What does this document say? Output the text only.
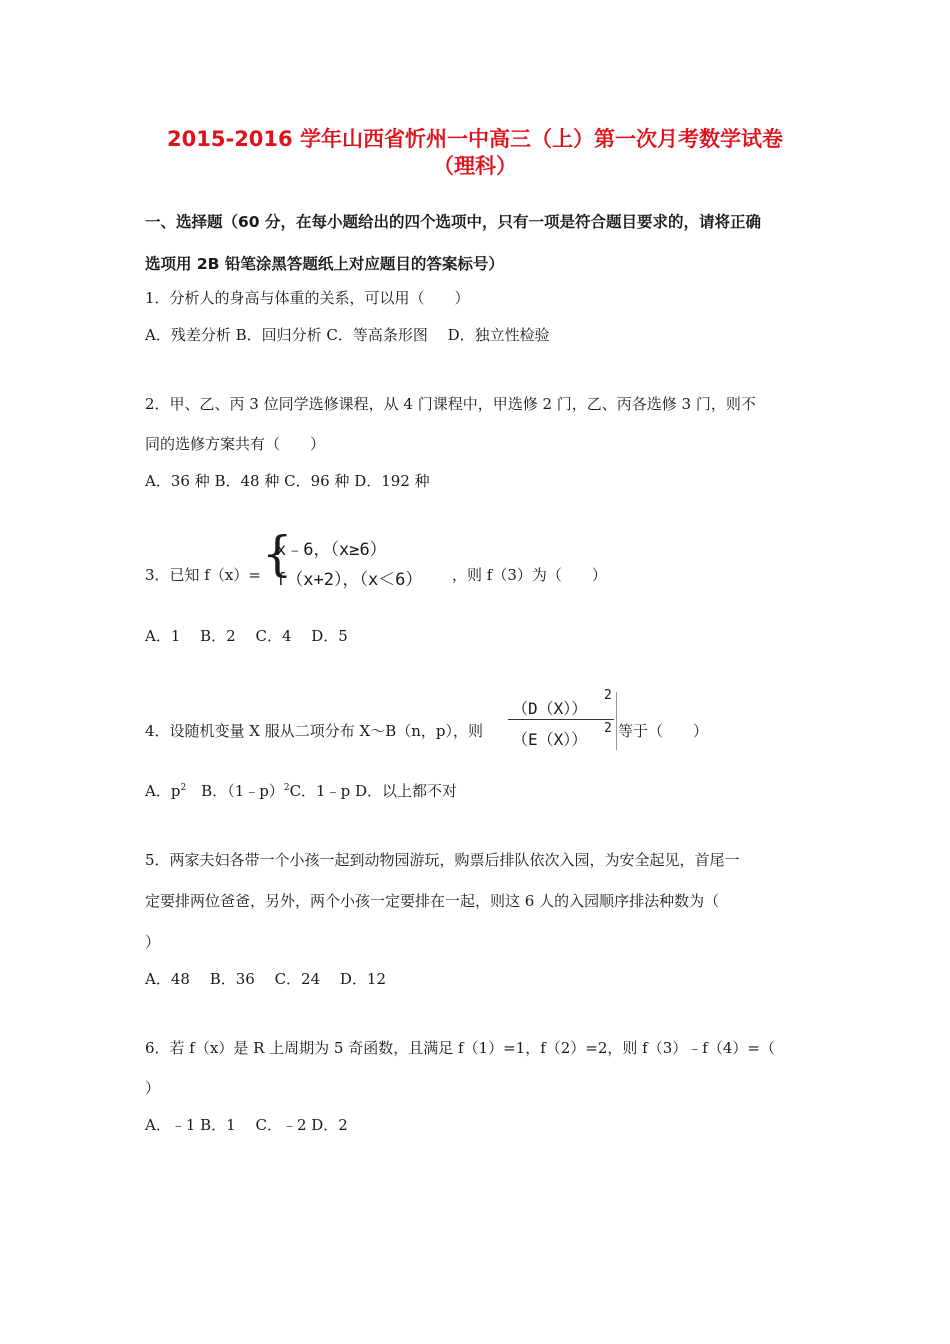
2015-2016 学年山西省忻州一中高三（上）第一次月考数学试卷
（理科）
一、选择题（60 分，在每小题给出的四个选项中，只有一项是符合题目要求的，请将正确
选项用 2B 铅笔涂黑答题纸上对应题目的答案标号）
1．分析人的身高与体重的关系，可以用（　　）
A．残差分析 B．回归分析 C．等高条形图　 D．独立性检验
2．甲、乙、丙 3 位同学选修课程，从 4 门课程中，甲选修 2 门，乙、丙各选修 3 门，则不
同的选修方案共有（　　）
A．36 种 B．48 种 C．96 种 D．192 种
3．已知 f（x）= {
x﹣6，（x≥6）
f（x+2），（x＜6） ，则 f（3）为（　　）
A．1　 B．2　 C．4　 D．5
4．设随机变量 X 服从二项分布 X～B（n，p），则
（D（X））
2
（E（X））
2 等于（　　）
A．$p^2$　B．（1﹣p）$^2$C．1﹣p D．以上都不对
5．两家夫妇各带一个小孩一起到动物园游玩，购票后排队依次入园，为安全起见，首尾一
定要排两位爸爸，另外，两个小孩一定要排在一起，则这 6 人的入园顺序排法种数为（
）
A．48　 B．36　 C．24　 D．12
6．若 f（x）是 R 上周期为 5 奇函数，且满足 f（1）=1，f（2）=2，则 f（3）﹣f（4）=（
）
A．﹣1 B．1　 C．﹣2 D．2
